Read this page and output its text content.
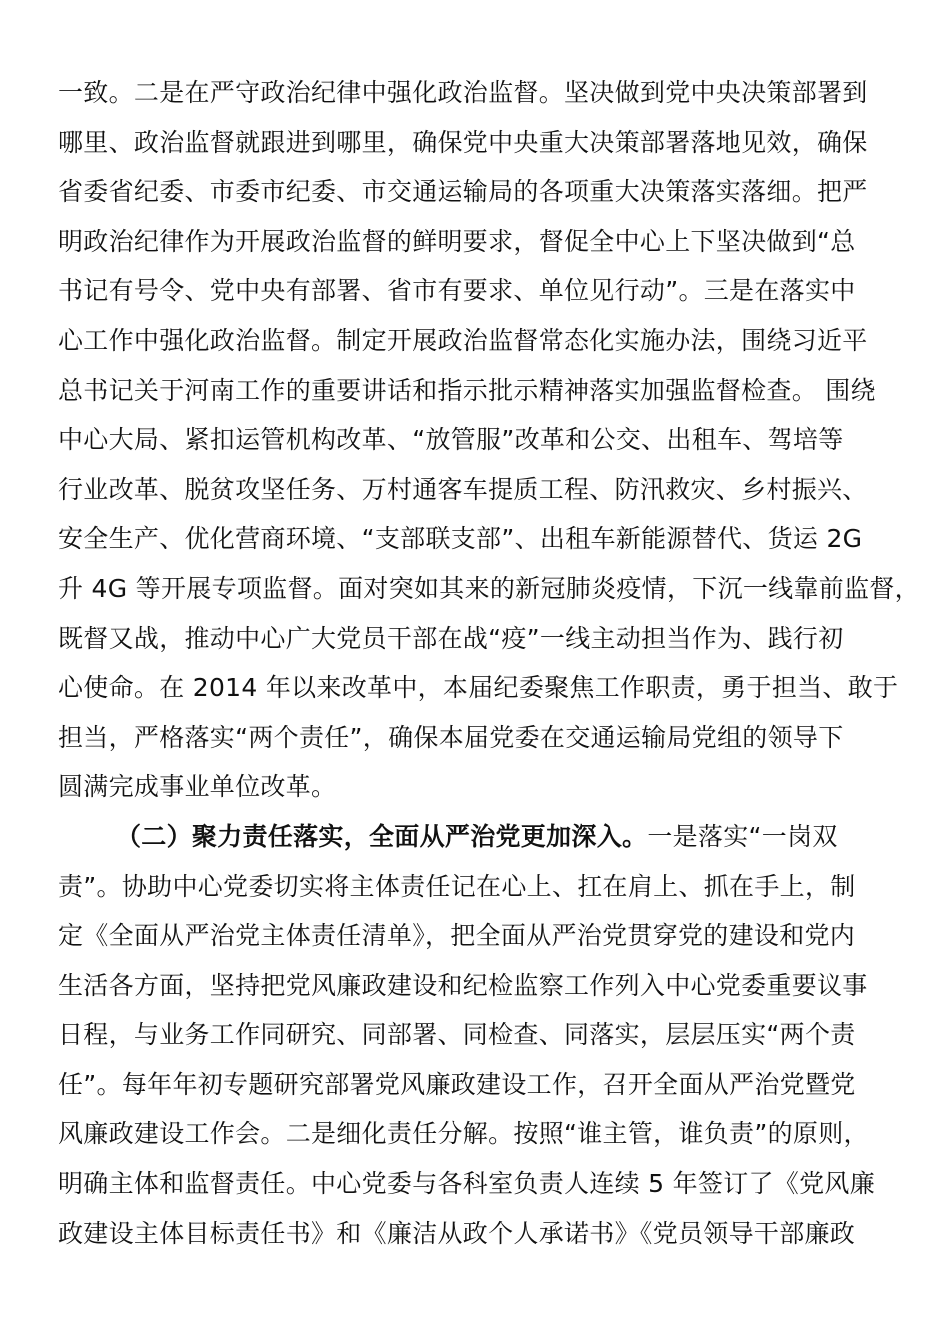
一致。二是在严守政治纪律中强化政治监督。坚决做到党中央决策部署到
哪里、政治监督就跟进到哪里，确保党中央重大决策部署落地见效，确保
省委省纪委、市委市纪委、市交通运输局的各项重大决策落实落细。把严
明政治纪律作为开展政治监督的鲜明要求，督促全中心上下坚决做到“总
书记有号令、党中央有部署、省市有要求、单位见行动”。三是在落实中
心工作中强化政治监督。制定开展政治监督常态化实施办法，围绕习近平
总书记关于河南工作的重要讲话和指示批示精神落实加强监督检查。 围绕
中心大局、紧扣运管机构改革、“放管服”改革和公交、出租车、驾培等
行业改革、脱贫攻坚任务、万村通客车提质工程、防汛救灾、乡村振兴、
安全生产、优化营商环境、“支部联支部”、出租车新能源替代、货运 2G
升 4G 等开展专项监督。面对突如其来的新冠肺炎疫情，下沉一线靠前监督，
既督又战，推动中心广大党员干部在战“疫”一线主动担当作为、践行初
心使命。在 2014 年以来改革中，本届纪委聚焦工作职责，勇于担当、敢于
担当，严格落实“两个责任”，确保本届党委在交通运输局党组的领导下
圆满完成事业单位改革。
（二）聚力责任落实，全面从严治党更加深入。一是落实“一岗双
责”。协助中心党委切实将主体责任记在心上、扛在肩上、抓在手上，制
定《全面从严治党主体责任清单》，把全面从严治党贯穿党的建设和党内
生活各方面，坚持把党风廉政建设和纪检监察工作列入中心党委重要议事
日程，与业务工作同研究、同部署、同检查、同落实，层层压实“两个责
任”。每年年初专题研究部署党风廉政建设工作，召开全面从严治党暨党
风廉政建设工作会。二是细化责任分解。按照“谁主管，谁负责”的原则，
明确主体和监督责任。中心党委与各科室负责人连续 5 年签订了《党风廉
政建设主体目标责任书》和《廉洁从政个人承诺书》《党员领导干部廉政
